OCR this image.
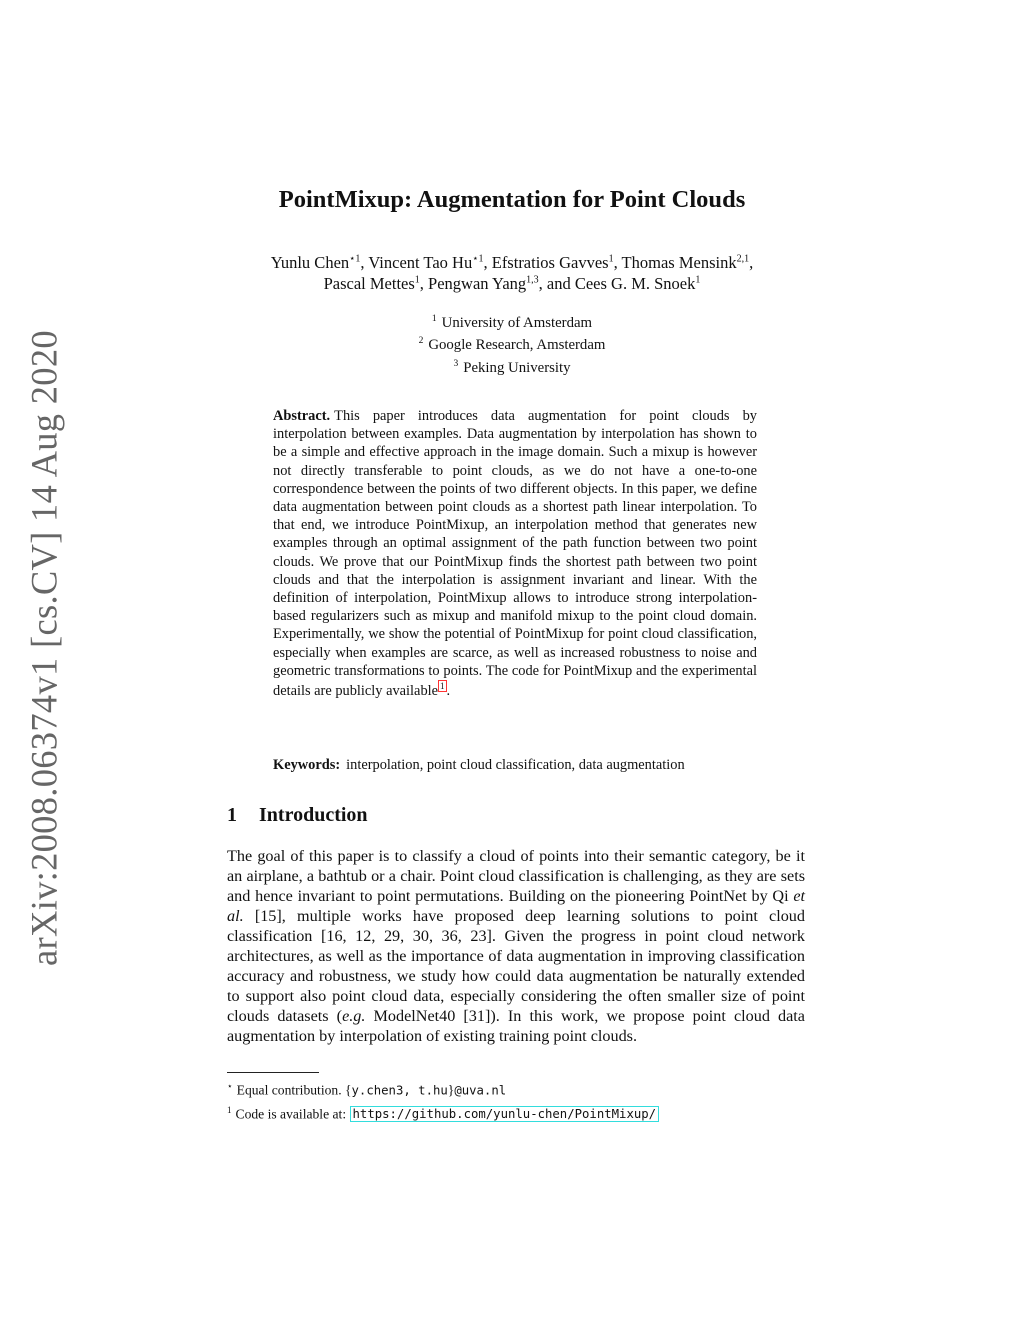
arXiv:2008.06374v1 [cs.CV] 14 Aug 2020
PointMixup: Augmentation for Point Clouds
Yunlu Chen$^{⋆1}$, Vincent Tao $Hu^{⋆1}$, Efstratios Gavves$^1$, Thomas Mensink$^{2,1}$,
Pascal Mettes$^1$, Pengwan Yang$^{1,3}$, and Cees G. M. Snoek$^1$
$^1$ University of Amsterdam
$^2$ Google Research, Amsterdam
$^3$ Peking University
Abstract. This paper introduces data augmentation for point clouds by interpolation between examples. Data augmentation by interpolation has shown to be a simple and effective approach in the image domain. Such a mixup is however not directly transferable to point clouds, as we do not have a one-to-one correspondence between the points of two different objects. In this paper, we define data augmentation between point clouds as a shortest path linear interpolation. To that end, we introduce PointMixup, an interpolation method that generates new examples through an optimal assignment of the path function between two point clouds. We prove that our PointMixup finds the shortest path between two point clouds and that the interpolation is assignment invariant and linear. With the definition of interpolation, PointMixup allows to introduce strong interpolation-based regularizers such as mixup and manifold mixup to the point cloud domain. Experimentally, we show the potential of PointMixup for point cloud classification, especially when examples are scarce, as well as increased robustness to noise and geometric transformations to points. The code for PointMixup and the experimental details are publicly available 1 .
Keywords: interpolation, point cloud classification, data augmentation
1 Introduction
The goal of this paper is to classify a cloud of points into their semantic category, be it an airplane, a bathtub or a chair. Point cloud classification is challenging, as they are sets and hence invariant to point permutations. Building on the pioneering PointNet by Qi et al. [15], multiple works have proposed deep learning solutions to point cloud classification [16, 12, 29, 30, 36, 23]. Given the progress in point cloud network architectures, as well as the importance of data augmentation in improving classification accuracy and robustness, we study how could data augmentation be naturally extended to support also point cloud data, especially considering the often smaller size of point clouds datasets (e.g. ModelNet40 [31]). In this work, we propose point cloud data augmentation by interpolation of existing training point clouds.
⋆ Equal contribution. {y.chen3, t.hu}@uva.nl
$^1$ Code is available at: https://github.com/yunlu-chen/PointMixup/
